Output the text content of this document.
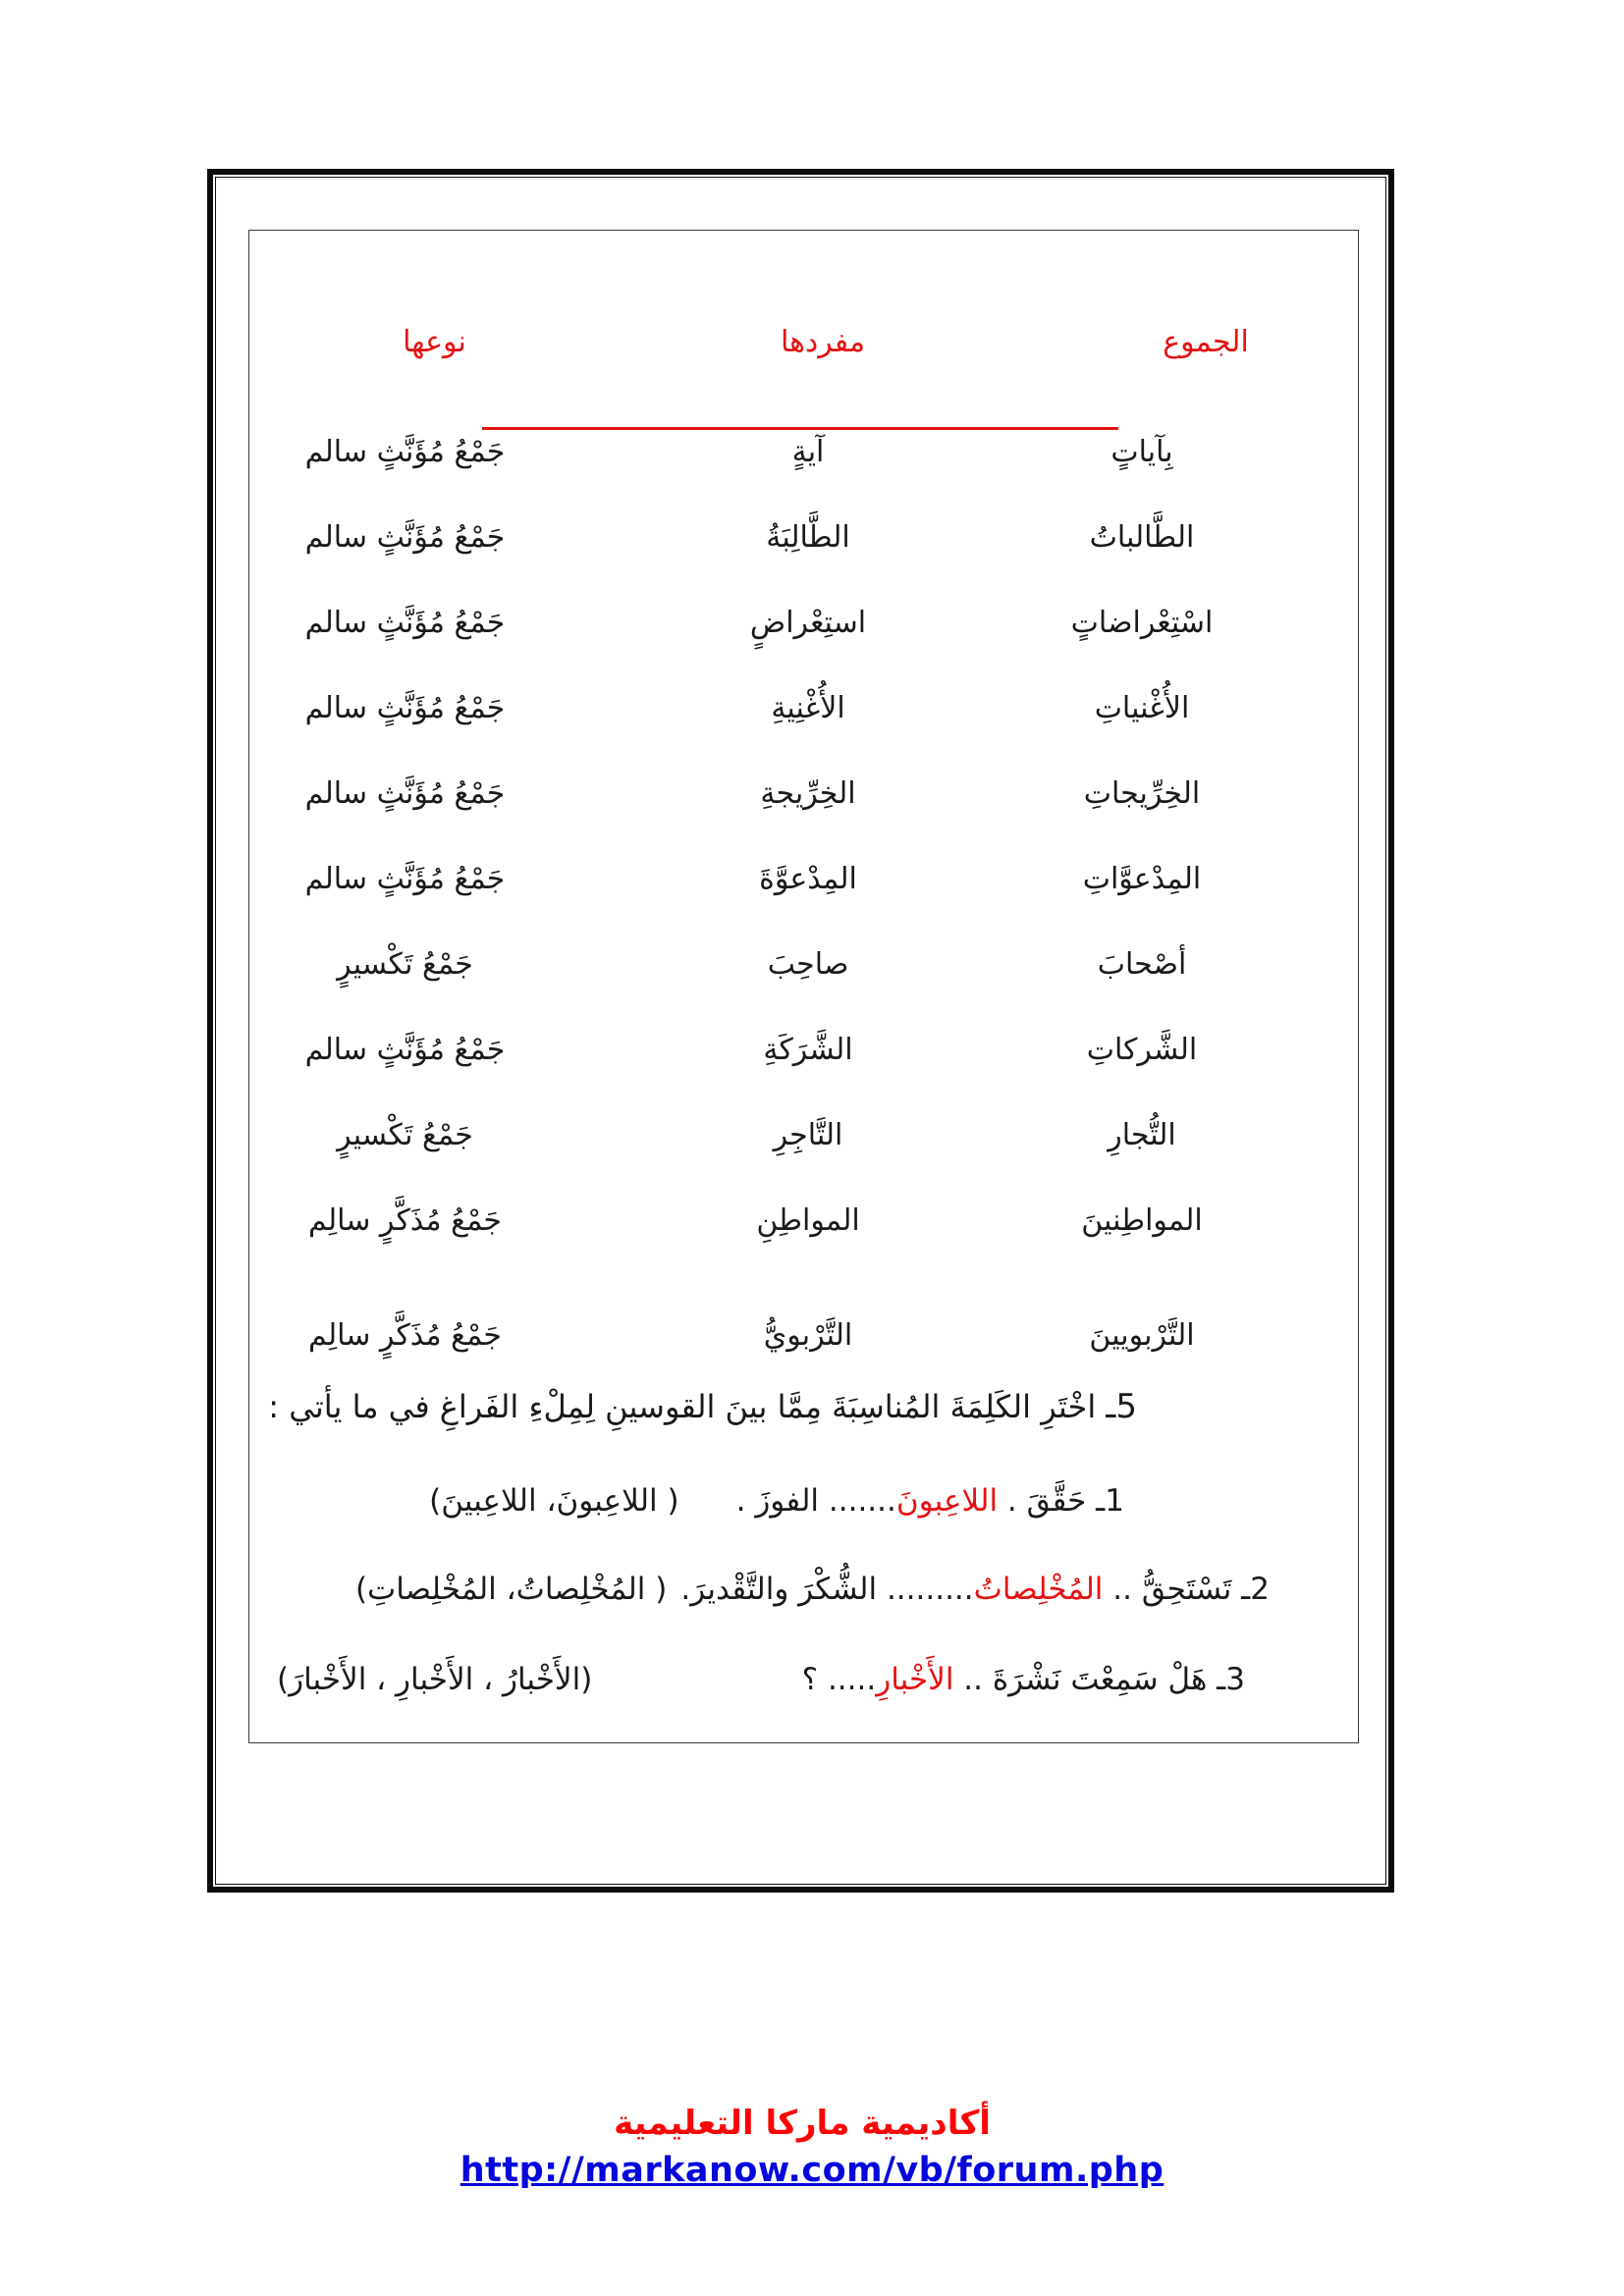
الجموع
مفردها
نوعها
بِآياتٍ
آيةٍ
جَمْعُ مُؤَنَّثٍ سالم
الطَّالباتُ
الطَّالِبَةُ
جَمْعُ مُؤَنَّثٍ سالم
اسْتِعْراضاتٍ
استِعْراضٍ
جَمْعُ مُؤَنَّثٍ سالم
الأُغْنياتِ
الأُغْنِيةِ
جَمْعُ مُؤَنَّثٍ سالم
الخِرِّيجاتِ
الخِرِّيجةِ
جَمْعُ مُؤَنَّثٍ سالم
المِدْعوَّاتِ
المِدْعوَّةَ
جَمْعُ مُؤَنَّثٍ سالم
أصْحابَ
صاحِبَ
جَمْعُ تَكْسيرٍ
الشَّركاتِ
الشَّرَكَةِ
جَمْعُ مُؤَنَّثٍ سالم
التُّجارِ
التَّاجِرِ
جَمْعُ تَكْسيرٍ
المواطِنينَ
المواطِنِ
جَمْعُ مُذَكَّرٍ سالِم
التَّرْبويينَ
التَّرْبويُّ
جَمْعُ مُذَكَّرٍ سالِم
5ـ اخْتَرِ الكَلِمَةَ المُناسِبَةَ مِمَّا بينَ القوسينِ لِمِلْءِ الفَراغِ في ما يأتي :
1ـ حَقَّقَ . اللاعِبونَ....... الفوزَ .
( اللاعِبونَ، اللاعِبينَ)
2ـ تَسْتَحِقُّ .. المُخْلِصاتُ......... الشُّكْرَ والتَّقْديرَ.
( المُخْلِصاتُ، المُخْلِصاتِ)
3ـ هَلْ سَمِعْتَ نَشْرَةَ .. الأَخْبارِ..... ؟
(الأَخْبارُ ، الأَخْبارِ ، الأَخْبارَ)
أكاديمية ماركا التعليمية
http://markanow.com/vb/forum.php
